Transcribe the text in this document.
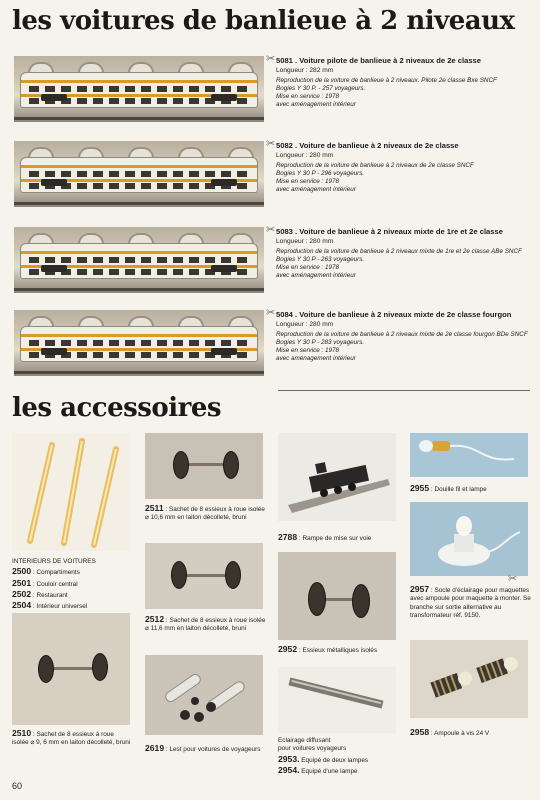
les voitures de banlieue à 2 niveaux
✂ 5081 . Voiture pilote de banlieue à 2 niveaux de 2e classe

Longueur : 282 mm

Reproduction de la voiture de banlieue à 2 niveaux. Pilote 2e classe Bxe SNCF
Bogies Y 30 P. - 257 voyageurs.
Mise en service : 1978
avec aménagement intérieur

✂ 5082 . Voiture de banlieue à 2 niveaux de 2e classe

Longueur : 280 mm

Reproduction de la voiture de banlieue à 2 niveaux de 2e classe SNCF
Bogies Y 30 P - 296 voyageurs.
Mise en service : 1978
avec aménagement intérieur

✂ 5083 . Voiture de banlieue à 2 niveaux mixte de 1re et 2e classe

Longueur : 280 mm

Reproduction de la voiture de banlieue à 2 niveaux mixte de 1re et 2e classe ABe SNCF
Bogies Y 30 P - 263 voyageurs.
Mise en service : 1978
avec aménagement intérieur

✂ 5084 . Voiture de banlieue à 2 niveaux mixte de 2e classe fourgon

Longueur : 280 mm

Reproduction de la voiture de banlieue à 2 niveaux mixte de 2e classe fourgon BDe SNCF
Bogies Y 30 P - 283 voyageurs.
Mise en service : 1978
avec aménagement intérieur

les accessoires
INTERIEURS DE VOITURES
2500 : Compartiments
2501 : Couloir central
2502 : Restaurant
2504 : Intérieur universel
2510 : Sachet de 8 essieux à roue isolée ⌀ 9, 6 mm en laiton décolleté, bruni
2511 : Sachet de 8 essieux à roue isolée ⌀ 10,6 mm en laiton décolleté, bruni
2512 : Sachet de 8 essieux à roue isolée ⌀ 11,6 mm en laiton décolleté, bruni
2619 : Lest pour voitures de voyageurs
2788 : Rampe de mise sur voie
2952 : Essieux métalliques isolés
Eclairage diffusant
pour voitures voyageurs
2953. Equipé de deux lampes
2954. Equipé d'une lampe
2955 : Douille fil et lampe
✂
2957 : Socle d'éclairage pour maquettes avec ampoule pour maquette à monter. Se branche sur sortie alternative au transformateur réf. 9150.
2958 : Ampoule à vis 24 V
60
